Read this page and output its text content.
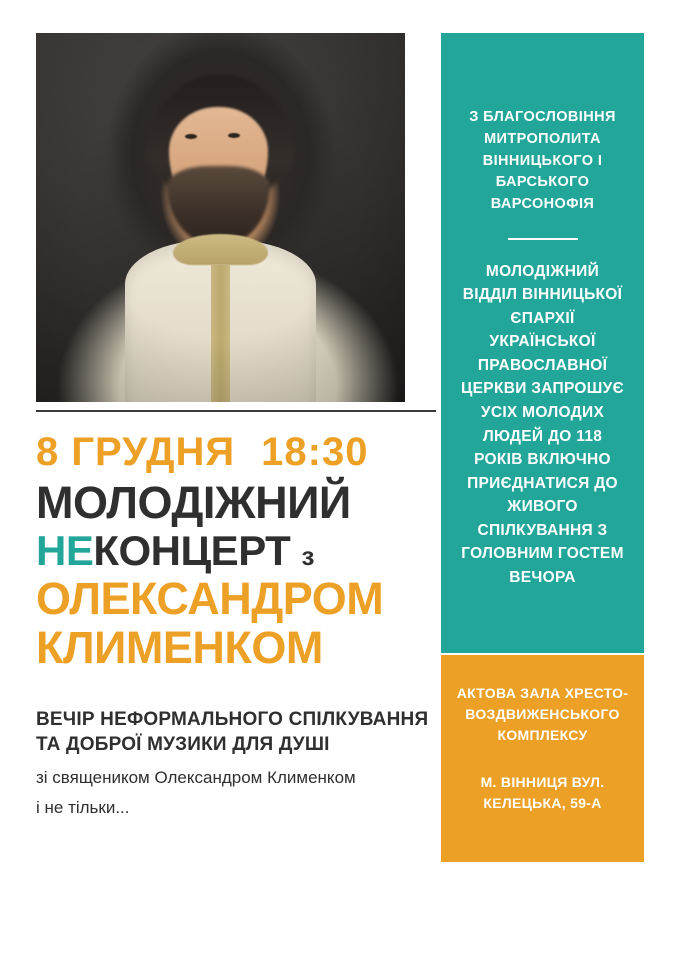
З БЛАГОСЛОВІННЯ МИТРОПОЛИТА ВІННИЦЬКОГО І БАРСЬКОГО ВАРСОНОФІЯ
МОЛОДІЖНИЙ ВІДДІЛ ВІННИЦЬКОЇ ЄПАРХІЇ УКРАЇНСЬКОЇ ПРАВОСЛАВНОЇ ЦЕРКВИ ЗАПРОШУЄ УСІХ МОЛОДИХ ЛЮДЕЙ ДО 118 РОКІВ ВКЛЮЧНО ПРИЄДНАТИСЯ ДО ЖИВОГО СПІЛКУВАННЯ З ГОЛОВНИМ ГОСТЕМ ВЕЧОРА
АКТОВА ЗАЛА ХРЕСТО-ВОЗДВИЖЕНСЬКОГО КОМПЛЕКСУ
М. ВІННИЦЯ ВУЛ. КЕЛЕЦЬКА, 59-А
8 ГРУДНЯ 18:30
МОЛОДІЖНИЙ
НЕКОНЦЕРТ з
ОЛЕКСАНДРОМ КЛИМЕНКОМ
ВЕЧІР НЕФОРМАЛЬНОГО СПІЛКУВАННЯ ТА ДОБРОЇ МУЗИКИ ДЛЯ ДУШІ
зі священиком Олександром Клименком
і не тільки...
